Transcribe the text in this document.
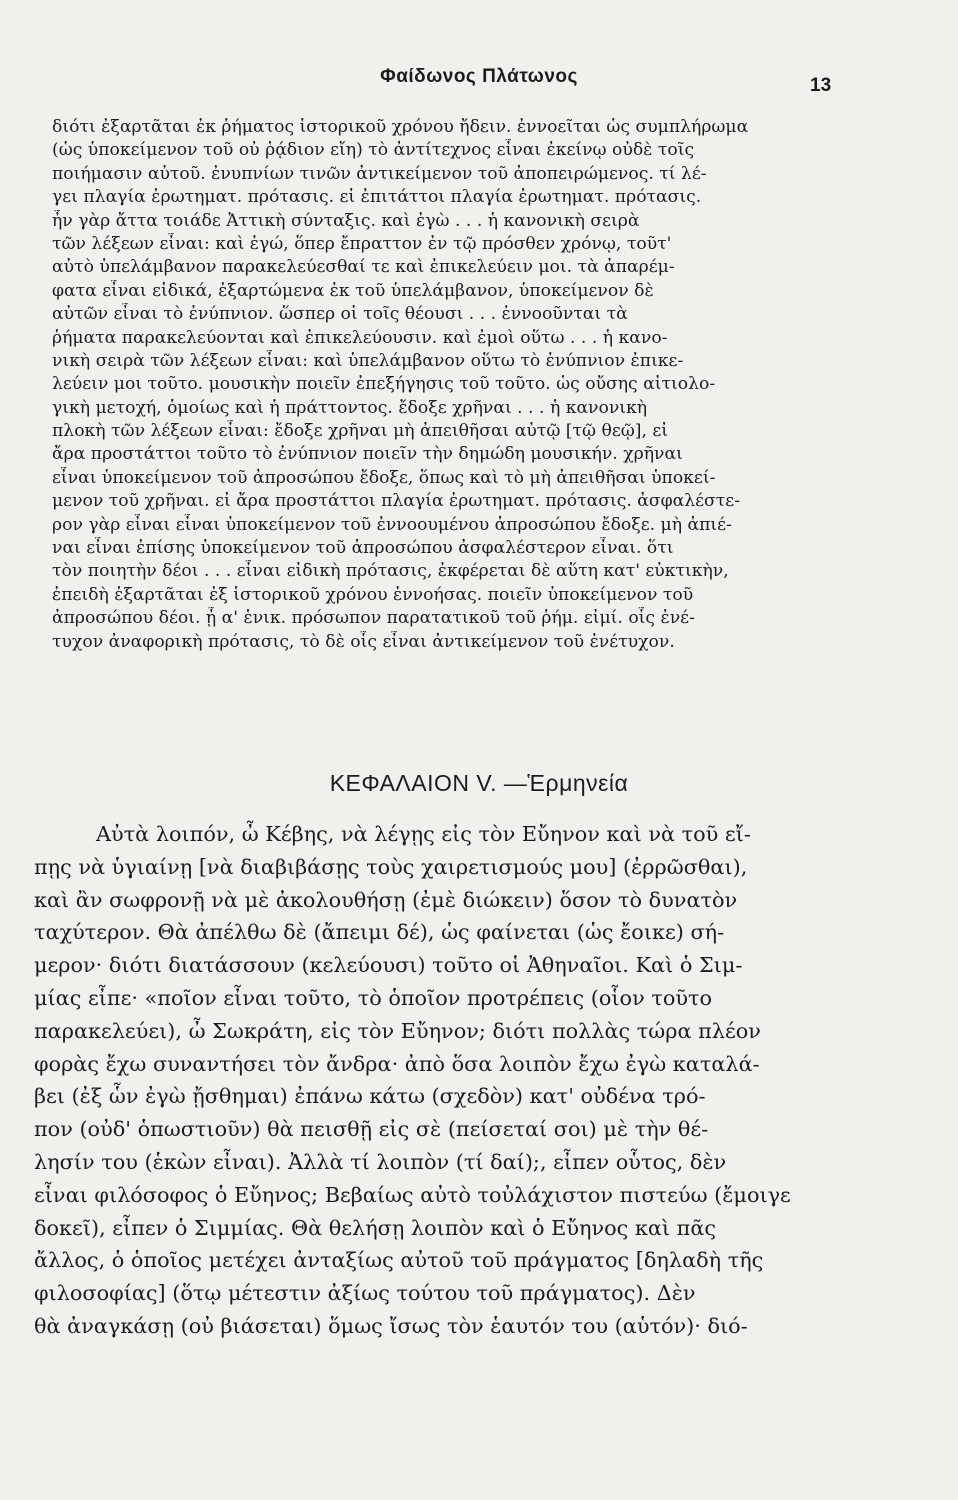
Φαίδωνος Πλάτωνος	13
διότι ἐξαρτᾶται ἐκ ῥήματος ἱστορικοῦ χρόνου ἤδειν. ἐννοεῖται ὡς συμπλήρωμα
(ὡς ὑποκείμενον τοῦ οὐ ῥᾴδιον εἴη) τὸ ἀντίτεχνος εἶναι ἐκείνῳ οὐδὲ τοῖς
ποιήμασιν αὐτοῦ. ἐνυπνίων τινῶν ἀντικείμενον τοῦ ἀποπειρώμενος. τί λέ-
γει πλαγία ἐρωτηματ. πρότασις. εἰ ἐπιτάττοι πλαγία ἐρωτηματ. πρότασις.
ἦν γὰρ ἄττα τοιάδε Ἀττικὴ σύνταξις. καὶ ἐγὼ . . . ἡ κανονικὴ σειρὰ
τῶν λέξεων εἶναι: καὶ ἐγώ, ὅπερ ἔπραττον ἐν τῷ πρόσθεν χρόνῳ, τοῦτ'
αὐτὸ ὑπελάμβανον παρακελεύεσθαί τε καὶ ἐπικελεύειν μοι. τὰ ἀπαρέμ-
φατα εἶναι εἰδικά, ἐξαρτώμενα ἐκ τοῦ ὑπελάμβανον, ὑποκείμενον δὲ
αὐτῶν εἶναι τὸ ἐνύπνιον. ὥσπερ οἱ τοῖς θέουσι . . . ἐννοοῦνται τὰ
ῥήματα παρακελεύονται καὶ ἐπικελεύουσιν. καὶ ἐμοὶ οὕτω . . . ἡ κανο-
νικὴ σειρὰ τῶν λέξεων εἶναι: καὶ ὑπελάμβανον οὕτω τὸ ἐνύπνιον ἐπικε-
λεύειν μοι τοῦτο. μουσικὴν ποιεῖν ἐπεξήγησις τοῦ τοῦτο. ὡς οὔσης αἰτιολο-
γικὴ μετοχή, ὁμοίως καὶ ἡ πράττοντος. ἔδοξε χρῆναι . . . ἡ κανονικὴ
πλοκὴ τῶν λέξεων εἶναι: ἔδοξε χρῆναι μὴ ἀπειθῆσαι αὐτῷ [τῷ θεῷ], εἰ
ἄρα προστάττοι τοῦτο τὸ ἐνύπνιον ποιεῖν τὴν δημώδη μουσικήν. χρῆναι
εἶναι ὑποκείμενον τοῦ ἀπροσώπου ἔδοξε, ὅπως καὶ τὸ μὴ ἀπειθῆσαι ὑποκεί-
μενον τοῦ χρῆναι. εἰ ἄρα προστάττοι πλαγία ἐρωτηματ. πρότασις. ἀσφαλέστε-
ρον γὰρ εἶναι εἶναι ὑποκείμενον τοῦ ἐννοουμένου ἀπροσώπου ἔδοξε. μὴ ἀπιέ-
ναι εἶναι ἐπίσης ὑποκείμενον τοῦ ἀπροσώπου ἀσφαλέστερον εἶναι. ὅτι
τὸν ποιητὴν δέοι . . . εἶναι εἰδικὴ πρότασις, ἐκφέρεται δὲ αὕτη κατ' εὐκτικὴν,
ἐπειδὴ ἐξαρτᾶται ἐξ ἱστορικοῦ χρόνου ἐννοήσας. ποιεῖν ὑποκείμενον τοῦ
ἀπροσώπου δέοι. ᾖ α' ἑνικ. πρόσωπον παρατατικοῦ τοῦ ῥήμ. εἰμί. οἷς ἐνέ-
τυχον ἀναφορικὴ πρότασις, τὸ δὲ οἷς εἶναι ἀντικείμενον τοῦ ἐνέτυχον.
ΚΕΦΑΛΑΙΟΝ V. —Ἑρμηνεία
Αὐτὰ λοιπόν, ὦ Κέβης, νὰ λέγῃς εἰς τὸν Εὔηνον καὶ νὰ τοῦ εἴ-
πῃς νὰ ὑγιαίνῃ [νὰ διαβιβάσῃς τοὺς χαιρετισμούς μου] (ἐρρῶσθαι),
καὶ ἂν σωφρονῇ νὰ μὲ ἀκολουθήσῃ (ἐμὲ διώκειν) ὅσον τὸ δυνατὸν
ταχύτερον. Θὰ ἀπέλθω δὲ (ἄπειμι δέ), ὡς φαίνεται (ὡς ἔοικε) σή-
μερον· διότι διατάσσουν (κελεύουσι) τοῦτο οἱ Ἀθηναῖοι. Καὶ ὁ Σιμ-
μίας εἶπε· «ποῖον εἶναι τοῦτο, τὸ ὁποῖον προτρέπεις (οἷον τοῦτο
παρακελεύει), ὦ Σωκράτη, εἰς τὸν Εὔηνον; διότι πολλὰς τώρα πλέον
φορὰς ἔχω συναντήσει τὸν ἄνδρα· ἀπὸ ὅσα λοιπὸν ἔχω ἐγὼ καταλά-
βει (ἐξ ὧν ἐγὼ ᾔσθημαι) ἐπάνω κάτω (σχεδὸν) κατ' οὐδένα τρό-
πον (οὐδ' ὁπωστιοῦν) θὰ πεισθῇ εἰς σὲ (πείσεταί σοι) μὲ τὴν θέ-
λησίν του (ἑκὼν εἶναι). Ἀλλὰ τί λοιπὸν (τί δαί);, εἶπεν οὗτος, δὲν
εἶναι φιλόσοφος ὁ Εὔηνος; Βεβαίως αὐτὸ τοὐλάχιστον πιστεύω (ἔμοιγε
δοκεῖ), εἶπεν ὁ Σιμμίας. Θὰ θελήσῃ λοιπὸν καὶ ὁ Εὔηνος καὶ πᾶς
ἄλλος, ὁ ὁποῖος μετέχει ἀνταξίως αὐτοῦ τοῦ πράγματος [δηλαδὴ τῆς
φιλοσοφίας] (ὅτῳ μέτεστιν ἀξίως τούτου τοῦ πράγματος). Δὲν
θὰ ἀναγκάσῃ (οὐ βιάσεται) ὅμως ἴσως τὸν ἑαυτόν του (αὑτόν)· διό-
